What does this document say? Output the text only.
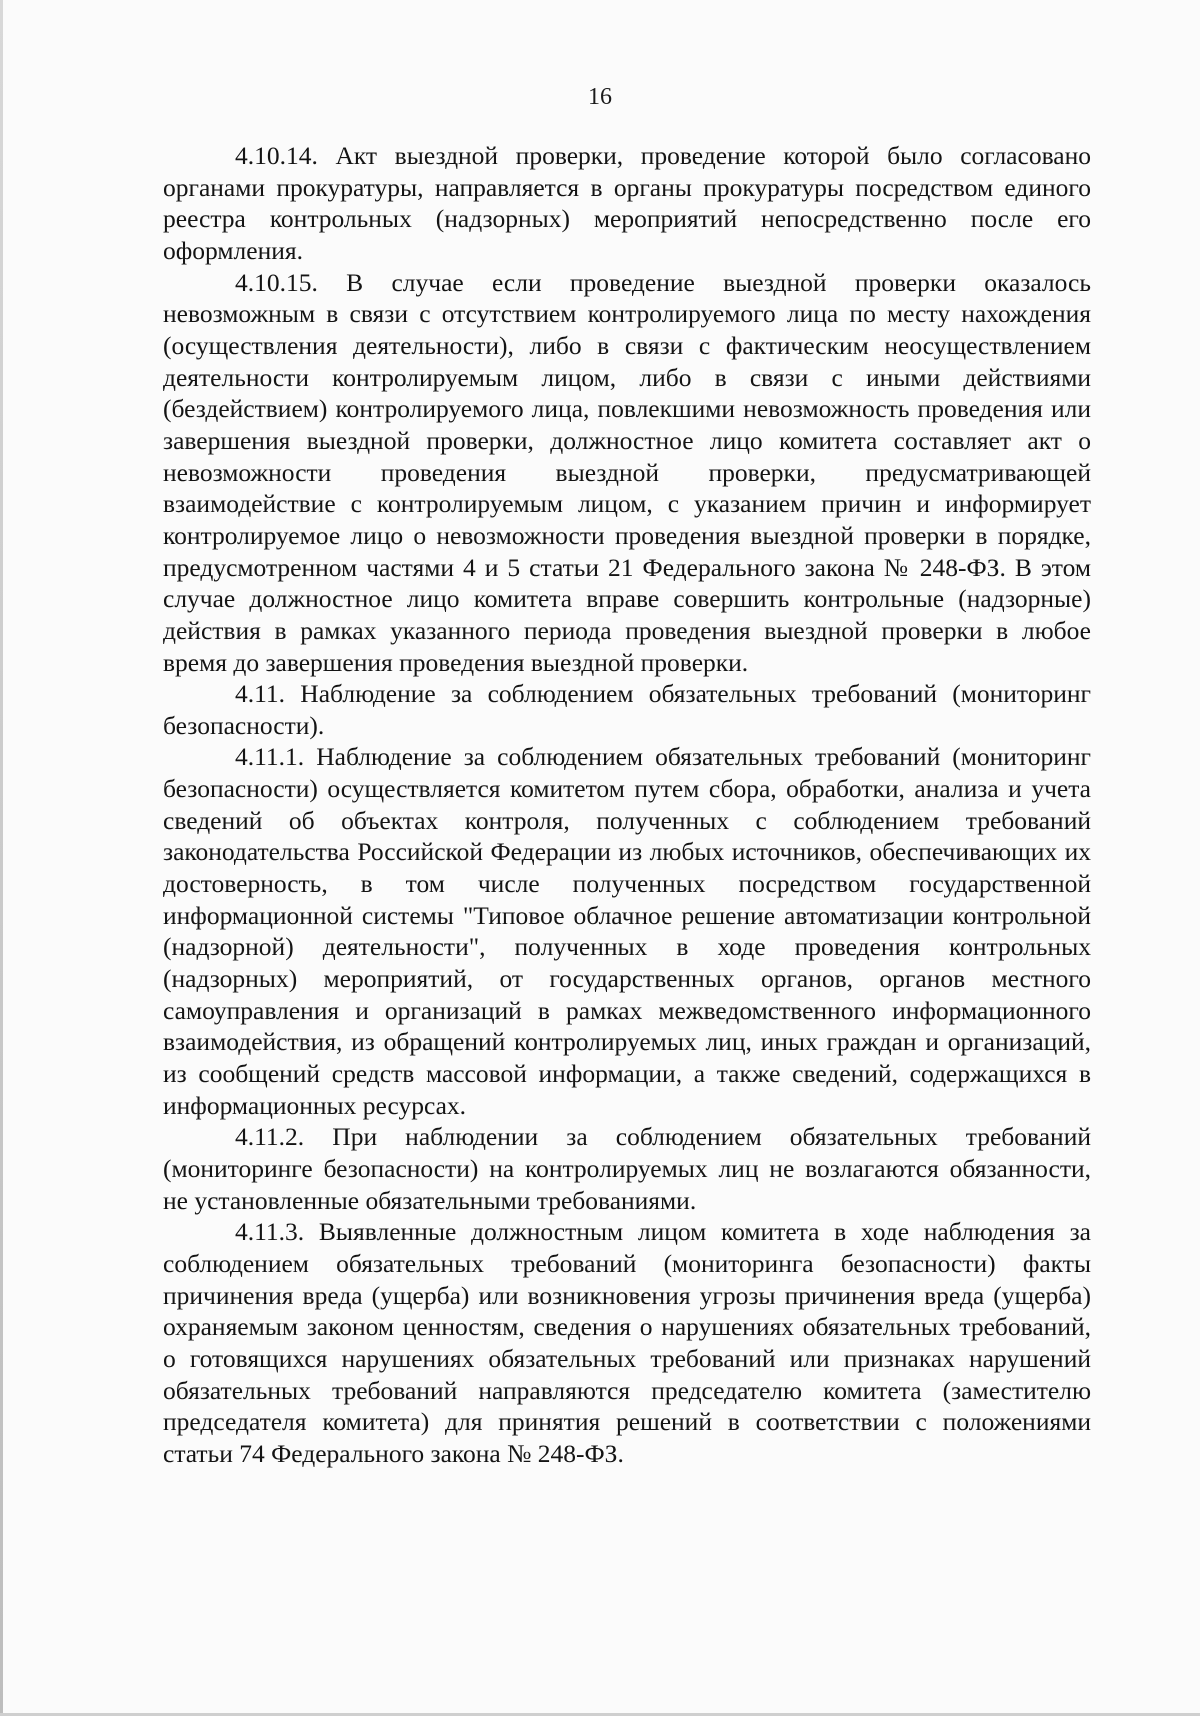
16

4.10.14. Акт выездной проверки, проведение которой было согласовано органами прокуратуры, направляется в органы прокуратуры посредством единого реестра контрольных (надзорных) мероприятий непосредственно после его оформления.

4.10.15. В случае если проведение выездной проверки оказалось невозможным в связи с отсутствием контролируемого лица по месту нахождения (осуществления деятельности), либо в связи с фактическим неосуществлением деятельности контролируемым лицом, либо в связи с иными действиями (бездействием) контролируемого лица, повлекшими невозможность проведения или завершения выездной проверки, должностное лицо комитета составляет акт о невозможности проведения выездной проверки, предусматривающей взаимодействие с контролируемым лицом, с указанием причин и информирует контролируемое лицо о невозможности проведения выездной проверки в порядке, предусмотренном частями 4 и 5 статьи 21 Федерального закона № 248-ФЗ. В этом случае должностное лицо комитета вправе совершить контрольные (надзорные) действия в рамках указанного периода проведения выездной проверки в любое время до завершения проведения выездной проверки.

4.11. Наблюдение за соблюдением обязательных требований (мониторинг безопасности).

4.11.1. Наблюдение за соблюдением обязательных требований (мониторинг безопасности) осуществляется комитетом путем сбора, обработки, анализа и учета сведений об объектах контроля, полученных с соблюдением требований законодательства Российской Федерации из любых источников, обеспечивающих их достоверность, в том числе полученных посредством государственной информационной системы "Типовое облачное решение автоматизации контрольной (надзорной) деятельности", полученных в ходе проведения контрольных (надзорных) мероприятий, от государственных органов, органов местного самоуправления и организаций в рамках межведомственного информационного взаимодействия, из обращений контролируемых лиц, иных граждан и организаций, из сообщений средств массовой информации, а также сведений, содержащихся в информационных ресурсах.

4.11.2. При наблюдении за соблюдением обязательных требований (мониторинге безопасности) на контролируемых лиц не возлагаются обязанности, не установленные обязательными требованиями.

4.11.3. Выявленные должностным лицом комитета в ходе наблюдения за соблюдением обязательных требований (мониторинга безопасности) факты причинения вреда (ущерба) или возникновения угрозы причинения вреда (ущерба) охраняемым законом ценностям, сведения о нарушениях обязательных требований, о готовящихся нарушениях обязательных требований или признаках нарушений обязательных требований направляются председателю комитета (заместителю председателя комитета) для принятия решений в соответствии с положениями статьи 74 Федерального закона № 248-ФЗ.
